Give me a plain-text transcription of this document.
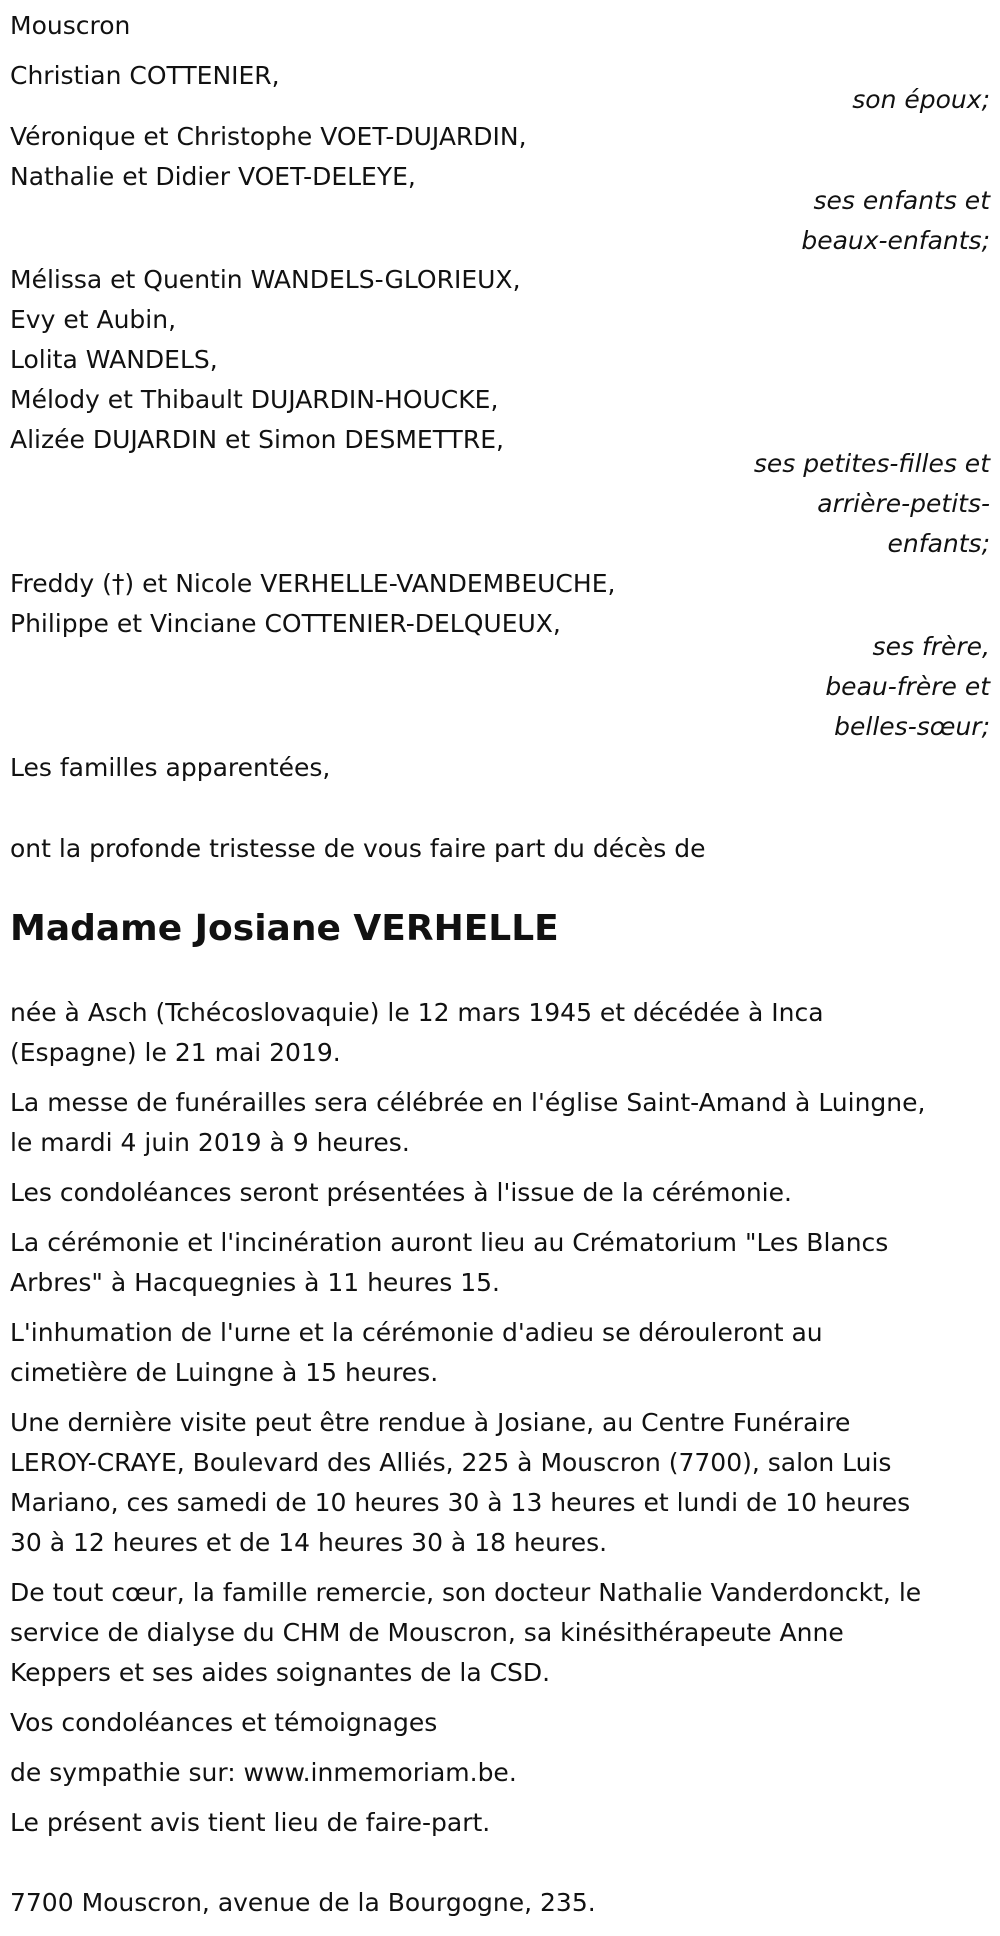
Mouscron
Christian COTTENIER,
son époux;
Véronique et Christophe VOET-DUJARDIN,
Nathalie et Didier VOET-DELEYE,
ses enfants et
beaux-enfants;
Mélissa et Quentin WANDELS-GLORIEUX,
Evy et Aubin,
Lolita WANDELS,
Mélody et Thibault DUJARDIN-HOUCKE,
Alizée DUJARDIN et Simon DESMETTRE,
ses petites-filles et
arrière-petits-
enfants;
Freddy (†) et Nicole VERHELLE-VANDEMBEUCHE,
Philippe et Vinciane COTTENIER-DELQUEUX,
ses frère,
beau-frère et
belles-sœur;
Les familles apparentées,
ont la profonde tristesse de vous faire part du décès de
Madame Josiane VERHELLE
née à Asch (Tchécoslovaquie) le 12 mars 1945 et décédée à Inca
(Espagne) le 21 mai 2019.
La messe de funérailles sera célébrée en l'église Saint-Amand à Luingne,
le mardi 4 juin 2019 à 9 heures.
Les condoléances seront présentées à l'issue de la cérémonie.
La cérémonie et l'incinération auront lieu au Crématorium "Les Blancs
Arbres" à Hacquegnies à 11 heures 15.
L'inhumation de l'urne et la cérémonie d'adieu se dérouleront au
cimetière de Luingne à 15 heures.
Une dernière visite peut être rendue à Josiane, au Centre Funéraire
LEROY-CRAYE, Boulevard des Alliés, 225 à Mouscron (7700), salon Luis
Mariano, ces samedi de 10 heures 30 à 13 heures et lundi de 10 heures
30 à 12 heures et de 14 heures 30 à 18 heures.
De tout cœur, la famille remercie, son docteur Nathalie Vanderdonckt, le
service de dialyse du CHM de Mouscron, sa kinésithérapeute Anne
Keppers et ses aides soignantes de la CSD.
Vos condoléances et témoignages
de sympathie sur: www.inmemoriam.be.
Le présent avis tient lieu de faire-part.
7700 Mouscron, avenue de la Bourgogne, 235.
